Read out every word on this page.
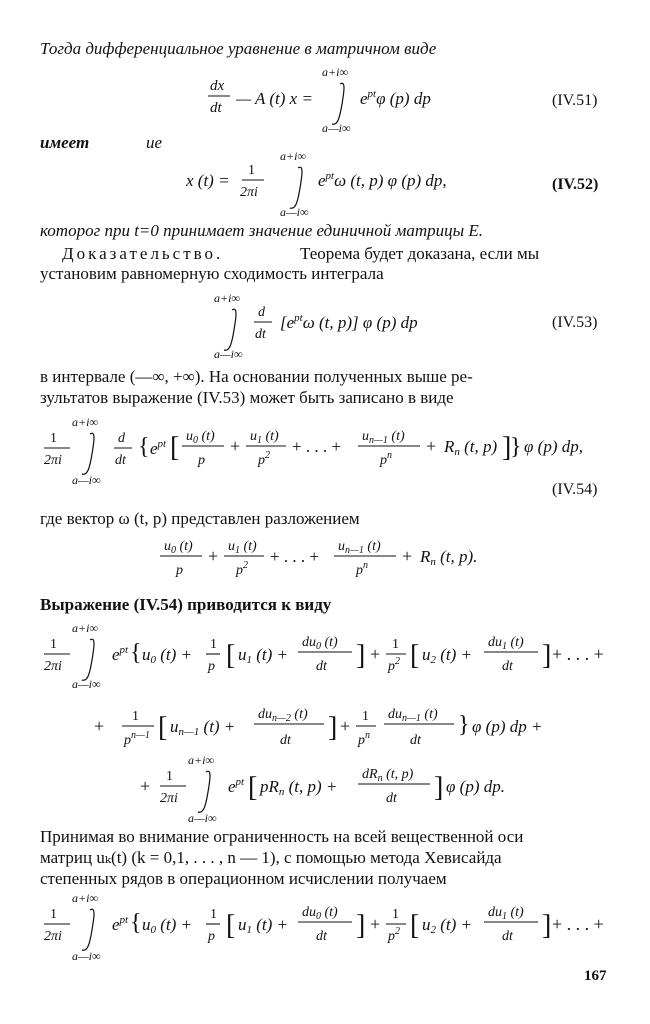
Тогда дифференциальное уравнение в матричном виде
dx
dt — A (t) x =
a+i∞
a—i∞
$e^{pt}\varphi$ (p) dp	(IV.51)
имеет	ие
x (t) =
1
2πi
a+i∞
a—i∞
$e^{pt}\omega$ (t, p) φ (p) dp,	(IV.52)
которог при t=0 принимает значение единичной матрицы E.
Доказательство.	Теорема будет доказана, если мы
установим равномерную сходимость интеграла
a+i∞
a—i∞
d
dt
[$e^{pt}\omega$ (t, p)] φ (p) dp	(IV.53)
в интервале (—∞, +∞). На основании полученных выше ре-
зультатов выражение (IV.53) может быть записано в виде
1
2πi
a+i∞
a—i∞
d
dt
{ $e^{pt}$ [ $u_0$ (t)
p
+ $u_1$ (t)
$p^2$ + . . . +
$u_{n—1}$ (t)
$p^n + Rn$ (t, p) ]
} φ (p) dp,
(IV.54)
где вектор ω (t, p) представлен разложением
$u_0$ (t)
p
+ $u_1$ (t)
$p^2$ + . . . +
$u_{n—1}$ (t)
$p^n + Rn$ (t, p).
Выражение (IV.54) приводится к виду
1
2πi
a+i∞
a—i∞
$e^{pt}$ { u0 (t) +
1
p [ u1 (t) +
$du_0$ (t)
dt ] + 1
$p^2$ [ u2 (t) +
$du_1$ (t)
dt ] + . . . +
+ 1
$p^{n—1}$ [ un—1 (t) +
$du_{n—2}$ (t)
dt ] + 1
$p^n$
$du_{n—1}$ (t)
dt
} φ (p) dp +
+ 1
2πi
a+i∞
a—i∞
$e^{pt}$ [ pRn (t, p) +
$dR_n$ (t, p)
dt ] φ (p) dp.
Принимая во внимание ограниченность на всей вещественной оси
матриц uₖ(t) (k = 0,1, . . . , n — 1), с помощью метода Хевисайда
степенных рядов в операционном исчислении получаем
1
2πi
a+i∞
a—i∞
$e^{pt}$ { u0 (t) +
1
p [ u1 (t) +
$du_0$ (t)
dt ] + 1
$p^2$ [ u2 (t) +
$du_1$ (t)
dt ] + . . . +
167
